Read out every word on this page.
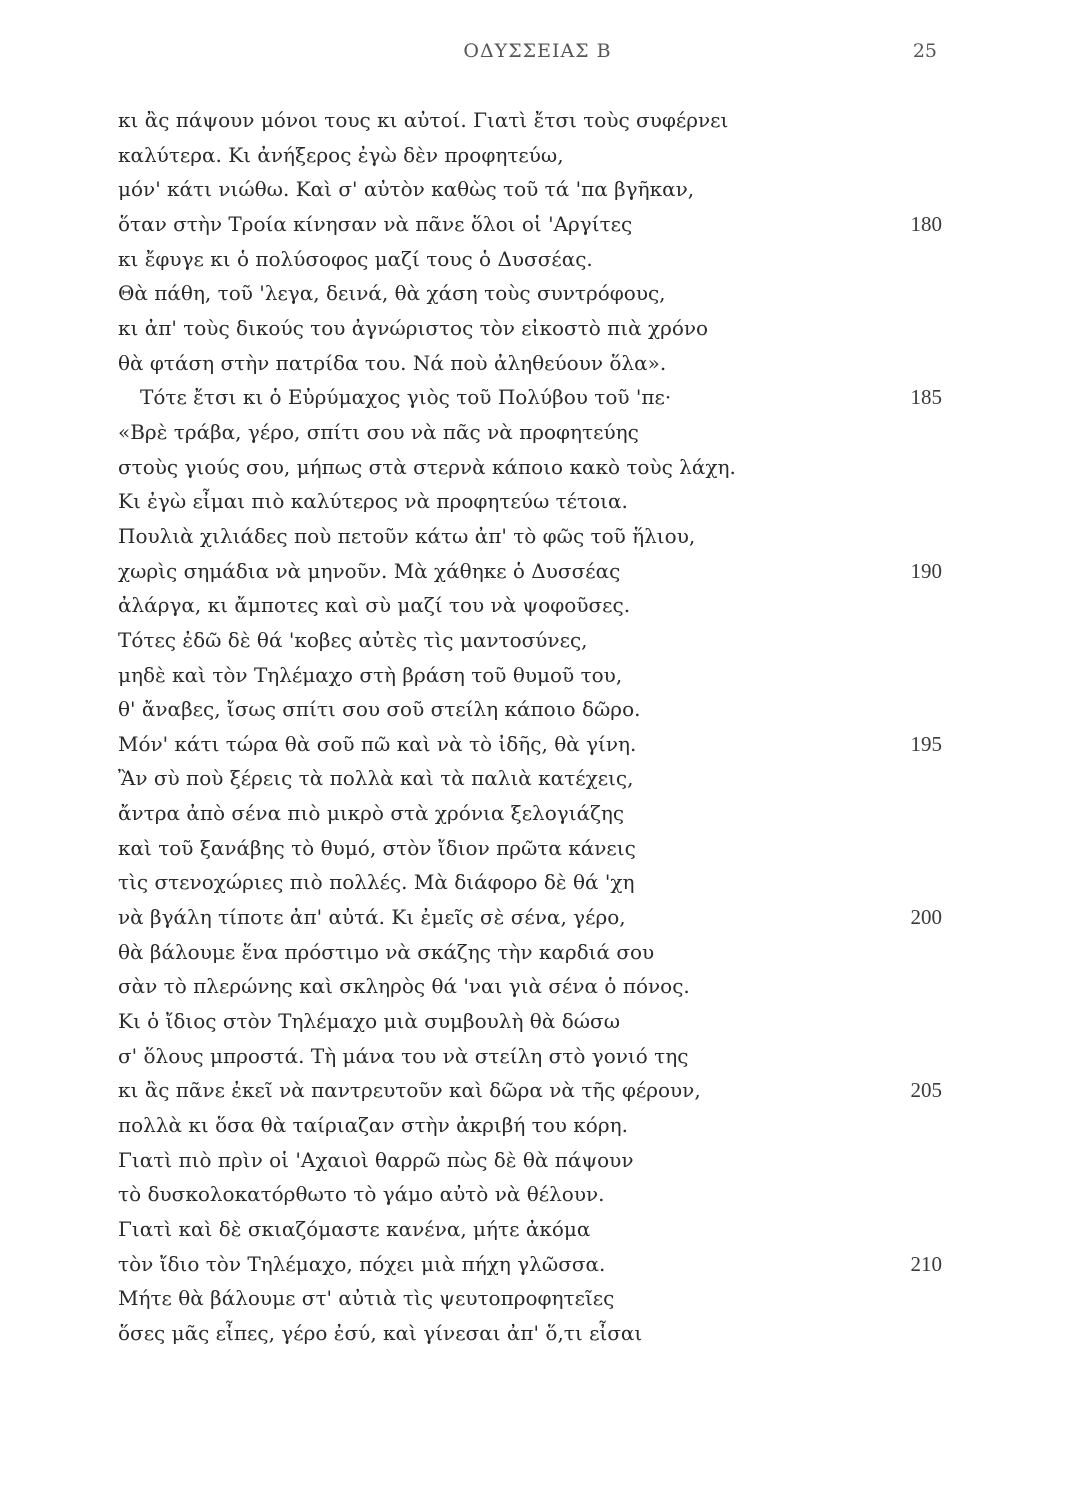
ΟΔΥΣΣΕΙΑΣ Β	25
κι ἂς πάψουν μόνοι τους κι αὐτοί. Γιατὶ ἔτσι τοὺς συφέρνει
καλύτερα. Κι ἀνήξερος ἐγὼ δὲν προφητεύω,
μόν' κάτι νιώθω. Καὶ σ' αὐτὸν καθὼς τοῦ τά 'πα βγῆκαν,
ὅταν στὴν Τροία κίνησαν νὰ πᾶνε ὅλοι οἱ 'Αργίτες	180
κι ἔφυγε κι ὁ πολύσοφος μαζί τους ὁ Δυσσέας.
Θὰ πάθη, τοῦ 'λεγα, δεινά, θὰ χάση τοὺς συντρόφους,
κι ἀπ' τοὺς δικούς του ἀγνώριστος τὸν εἰκοστὸ πιὰ χρόνο
θὰ φτάση στὴν πατρίδα του. Νά ποὺ ἀληθεύουν ὅλα».
Τότε ἔτσι κι ὁ Εὐρύμαχος γιὸς τοῦ Πολύβου τοῦ 'πε·	185
«Βρὲ τράβα, γέρο, σπίτι σου νὰ πᾶς νὰ προφητεύης
στοὺς γιούς σου, μήπως στὰ στερνὰ κάποιο κακὸ τοὺς λάχη.
Κι ἐγὼ εἶμαι πιὸ καλύτερος νὰ προφητεύω τέτοια.
Πουλιὰ χιλιάδες ποὺ πετοῦν κάτω ἀπ' τὸ φῶς τοῦ ἥλιου,
χωρὶς σημάδια νὰ μηνοῦν. Μὰ χάθηκε ὁ Δυσσέας	190
ἀλάργα, κι ἄμποτες καὶ σὺ μαζί του νὰ ψοφοῦσες.
Τότες ἐδῶ δὲ θά 'κοβες αὐτὲς τὶς μαντοσύνες,
μηδὲ καὶ τὸν Τηλέμαχο στὴ βράση τοῦ θυμοῦ του,
θ' ἄναβες, ἴσως σπίτι σου σοῦ στείλη κάποιο δῶρο.
Μόν' κάτι τώρα θὰ σοῦ πῶ καὶ νὰ τὸ ἰδῆς, θὰ γίνη.	195
Ἂν σὺ ποὺ ξέρεις τὰ πολλὰ καὶ τὰ παλιὰ κατέχεις,
ἄντρα ἀπὸ σένα πιὸ μικρὸ στὰ χρόνια ξελογιάζης
καὶ τοῦ ξανάβης τὸ θυμό, στὸν ἴδιον πρῶτα κάνεις
τὶς στενοχώριες πιὸ πολλές. Μὰ διάφορο δὲ θά 'χη
νὰ βγάλη τίποτε ἀπ' αὐτά. Κι ἐμεῖς σὲ σένα, γέρο,	200
θὰ βάλουμε ἕνα πρόστιμο νὰ σκάζης τὴν καρδιά σου
σὰν τὸ πλερώνης καὶ σκληρὸς θά 'ναι γιὰ σένα ὁ πόνος.
Κι ὁ ἴδιος στὸν Τηλέμαχο μιὰ συμβουλὴ θὰ δώσω
σ' ὅλους μπροστά. Τὴ μάνα του νὰ στείλη στὸ γονιό της
κι ἂς πᾶνε ἐκεῖ νὰ παντρευτοῦν καὶ δῶρα νὰ τῆς φέρουν,	205
πολλὰ κι ὅσα θὰ ταίριαζαν στὴν ἀκριβή του κόρη.
Γιατὶ πιὸ πρὶν οἱ 'Αχαιοὶ θαρρῶ πὼς δὲ θὰ πάψουν
τὸ δυσκολοκατόρθωτο τὸ γάμο αὐτὸ νὰ θέλουν.
Γιατὶ καὶ δὲ σκιαζόμαστε κανένα, μήτε ἀκόμα
τὸν ἴδιο τὸν Τηλέμαχο, πόχει μιὰ πήχη γλῶσσα.	210
Μήτε θὰ βάλουμε στ' αὐτιὰ τὶς ψευτοπροφητεῖες
ὅσες μᾶς εἶπες, γέρο ἐσύ, καὶ γίνεσαι ἀπ' ὅ,τι εἶσαι
